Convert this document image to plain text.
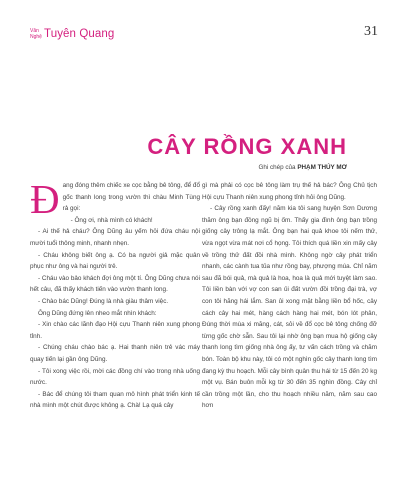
Văn Nghệ Tuyên Quang	31
CÂY RỒNG XANH
Ghi chép của PHẠM THÚY MƠ

Đang đóng thêm chiếc xe cọc bằng bê tông, để đổ gốc thanh long trong vườn thì chàu Minh Tùng rả gọi:

- Ông ơi, nhà mình có khách!

- Ai thế hả cháu? Ông Dũng âu yếm hỏi đứa cháu nội mười tuổi thông minh, nhanh nhẹn.

- Cháu không biết ông ạ. Có ba người giả mặc quân phục như ông và hai người trẻ.

- Cháu vào bảo khách đợi ông một tí. Ông Dũng chưa nói hết câu, đã thấy khách tiến vào vườn thanh long.

- Chào bác Dũng! Đúng là nhà giàu thâm việc.

Ông Dũng đứng lên nheo mắt nhìn khách:

- Xin chào các lãnh đạo Hội cựu Thanh niên xung phong tỉnh.

- Chúng cháu chào bác ạ. Hai thanh niên trẻ vác máy quay tiến lại gần ông Dũng.

- Tôi xong việc rồi, mời các đồng chí vào trong nhà uống nước.

- Bác để chúng tôi tham quan mô hình phát triển kinh tế nhà mình một chút được không ạ. Chà! Lạ quá cây

gì mà phải có cọc bê tông làm trụ thế hả bác? Ông Chủ tịch Hội cựu Thanh niên xung phong tỉnh hỏi ông Dũng.

- Cây rồng xanh đấy! năm kia tôi sang huyện Sơn Dương thăm ông bạn đồng ngũ bị ốm. Thấy gia đình ông bạn trồng giống cây trông lạ mắt. Ông bạn hai quả khoe tôi nếm thử, vừa ngọt vừa mát nơi cổ họng. Tôi thích quá liền xin mấy cây về trồng thử đất đồi nhà mình. Không ngờ cây phát triển nhanh, các cành tua tủa như rồng bay, phượng múa. Chỉ năm sau đã bói quả, mà quả là hoa, hoa là quả mới tuyệt làm sao. Tôi liền bàn với vợ con san ủi đất vườn đồi trồng đại trà, vợ con tôi hăng hái lắm. San ủi xong mặt bằng liền bổ hốc, cây cách cây hai mét, hàng cách hàng hai mét, bón lót phân, Đúng thời mùa xi măng, cát, sỏi về đổ cọc bê tông chống đỡ từng gốc chờ sẵn. Sau tôi lại nhờ ông bạn mua hộ giống cây thanh long tìm giống nhà ông ấy, tư vấn cách trồng và chăm bón. Toàn bộ khu này, tôi có một nghìn gốc cây thanh long tìm đang kỳ thu hoạch. Mỗi cây bình quân thu hái từ 15 đến 20 kg một vụ. Bán buôn mỗi kg từ 30 đến 35 nghìn đồng. Cây chỉ cần trồng một lần, cho thu hoạch nhiều năm, năm sau cao hơn
